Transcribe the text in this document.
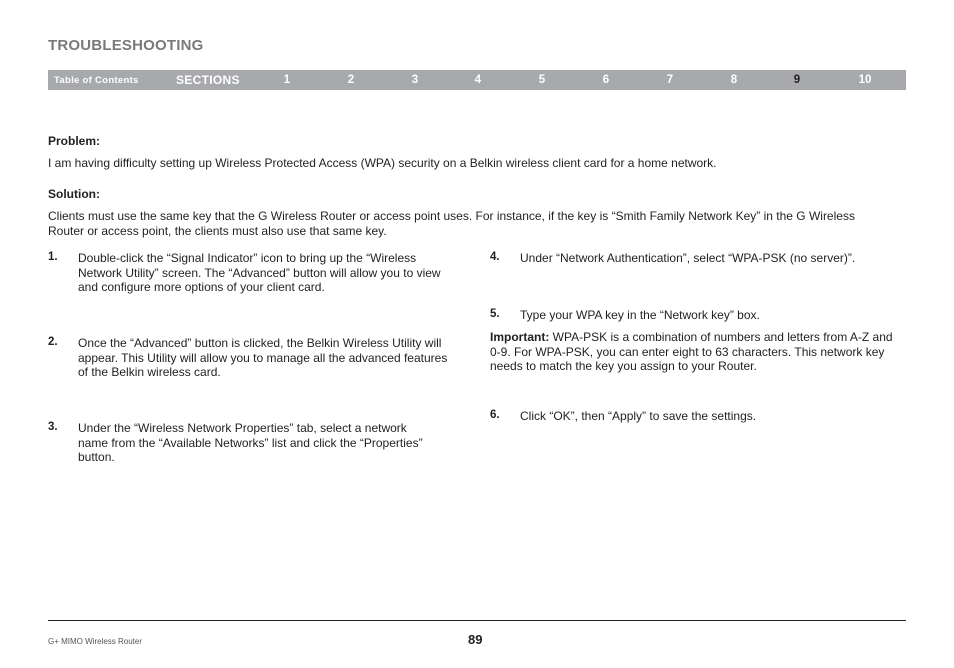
TROUBLESHOOTING
Table of Contents	SECTIONS	1	2	3	4	5	6	7	8	9	10

Problem:

I am having difficulty setting up Wireless Protected Access (WPA) security on a Belkin wireless client card for a home network.

Solution:

Clients must use the same key that the G Wireless Router or access point uses. For instance, if the key is “Smith Family Network Key” in the G Wireless Router or access point, the clients must also use that same key.

1. Double-click the “Signal Indicator” icon to bring up the “Wireless Network Utility” screen. The “Advanced” button will allow you to view and configure more options of your client card.

2. Once the “Advanced” button is clicked, the Belkin Wireless Utility will appear. This Utility will allow you to manage all the advanced features of the Belkin wireless card.

3. Under the “Wireless Network Properties” tab, select a network name from the “Available Networks” list and click the “Properties” button.

4. Under “Network Authentication”, select “WPA-PSK (no server)”.

5. Type your WPA key in the “Network key” box.

Important: WPA-PSK is a combination of numbers and letters from A-Z and 0-9. For WPA-PSK, you can enter eight to 63 characters. This network key needs to match the key you assign to your Router.

6. Click “OK”, then “Apply” to save the settings.

G+ MIMO Wireless Router	89
